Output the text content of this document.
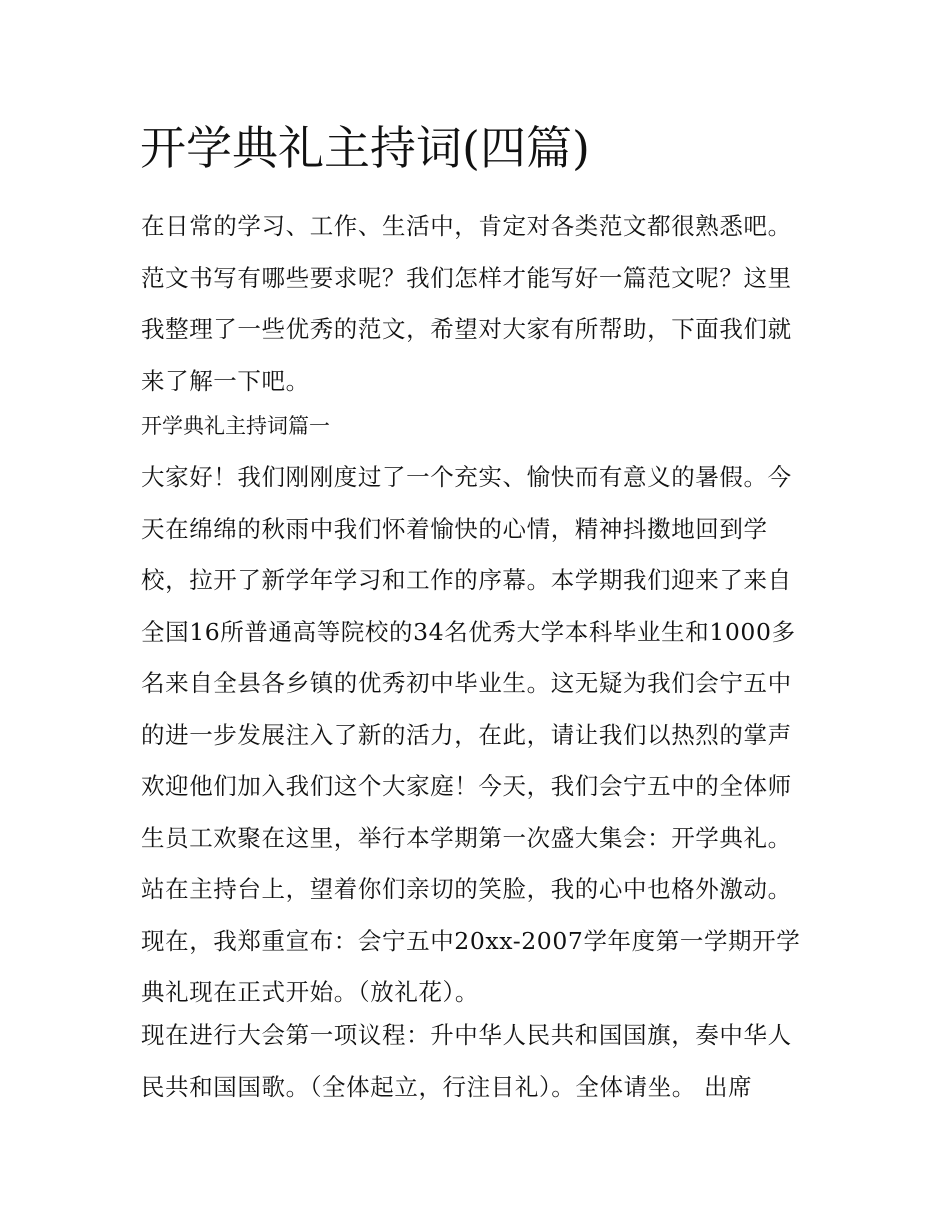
开学典礼主持词(四篇)

在日常的学习、工作、生活中，肯定对各类范文都很熟悉吧。
范文书写有哪些要求呢？我们怎样才能写好一篇范文呢？这里
我整理了一些优秀的范文，希望对大家有所帮助，下面我们就
来了解一下吧。

开学典礼主持词篇一

大家好！我们刚刚度过了一个充实、愉快而有意义的暑假。今
天在绵绵的秋雨中我们怀着愉快的心情，精神抖擞地回到学
校，拉开了新学年学习和工作的序幕。本学期我们迎来了来自
全国16所普通高等院校的34名优秀大学本科毕业生和1000多
名来自全县各乡镇的优秀初中毕业生。这无疑为我们会宁五中
的进一步发展注入了新的活力，在此，请让我们以热烈的掌声
欢迎他们加入我们这个大家庭！今天，我们会宁五中的全体师
生员工欢聚在这里，举行本学期第一次盛大集会：开学典礼。
站在主持台上，望着你们亲切的笑脸，我的心中也格外激动。
现在，我郑重宣布：会宁五中20xx-2007学年度第一学期开学
典礼现在正式开始。（放礼花）。

现在进行大会第一项议程：升中华人民共和国国旗，奏中华人
民共和国国歌。（全体起立，行注目礼）。全体请坐。 出席
